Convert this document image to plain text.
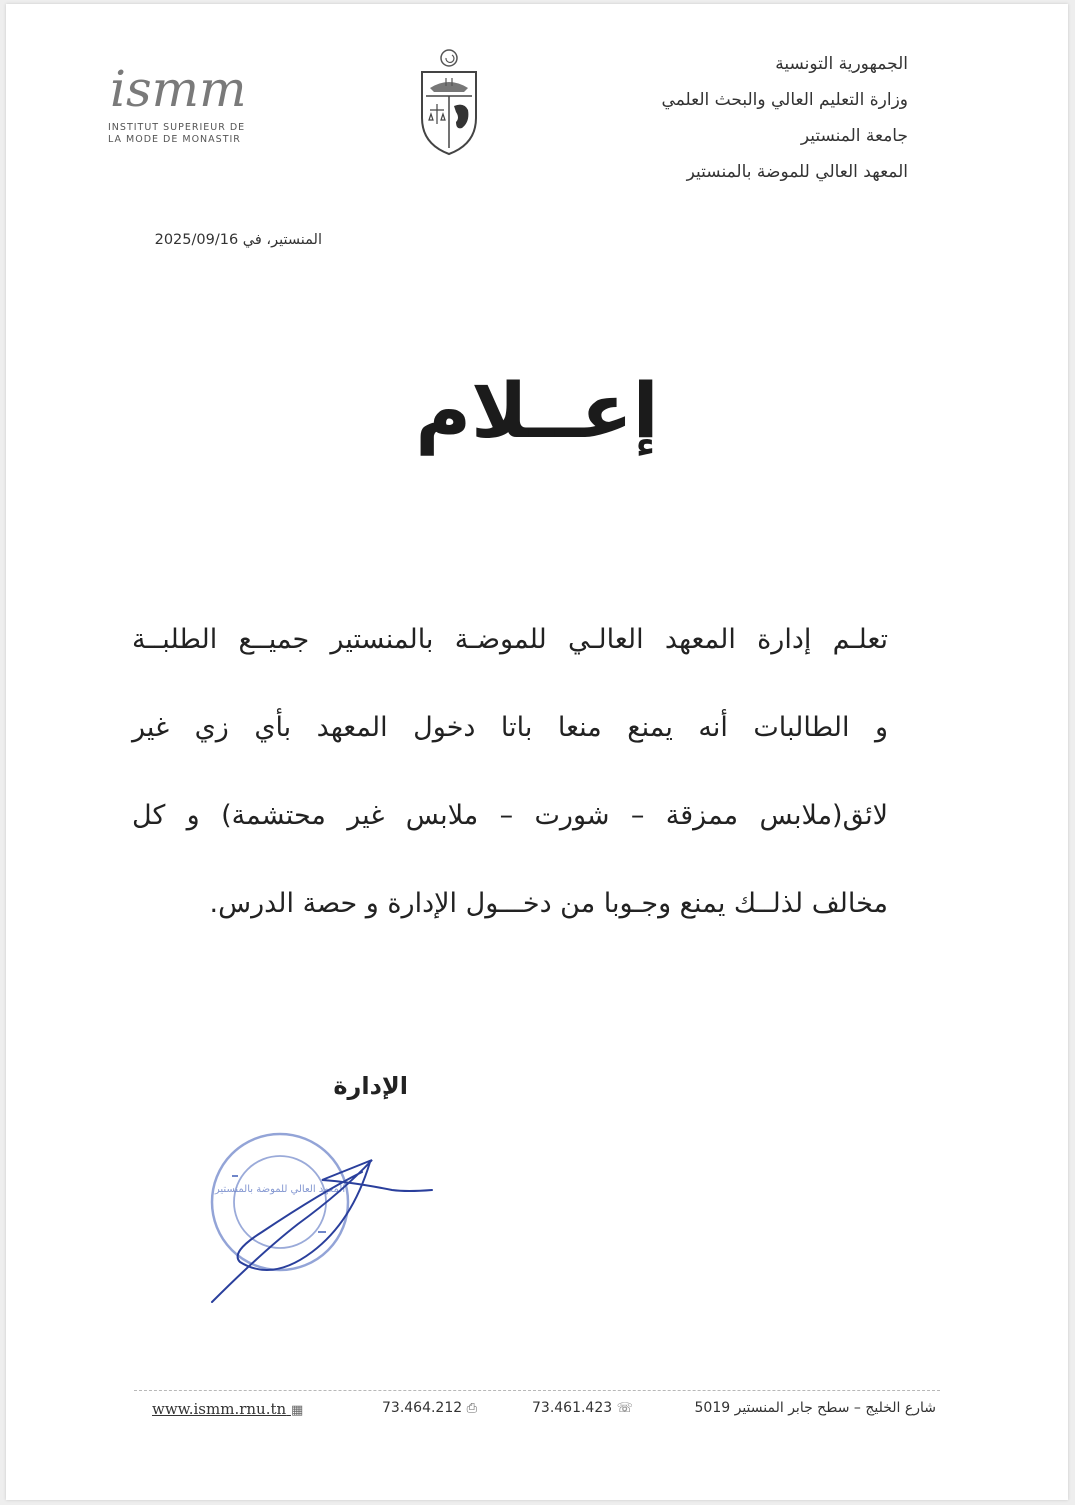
ismm
INSTITUT SUPERIEUR DE
LA MODE DE MONASTIR
الجمهورية التونسية
وزارة التعليم العالي والبحث العلمي
جامعة المنستير
المعهد العالي للموضة بالمنستير
المنستير، في 2025/09/16
إعــلام
تعلـم إدارة المعهد العالـي للموضـة بالمنستير جميــع الطلبــة
و الطالبات أنه يمنع منعا باتا دخول المعهد بأي زي غير
لائق(ملابس ممزقة – شورت – ملابس غير محتشمة) و كل
مخالف لذلــك يمنع وجـوبا من دخـــول الإدارة و حصة الدرس.
الإدارة
المعهد العالي للموضة بالمنستير
www.ismm.rnu.tn ▦	73.464.212 ⎙	73.461.423 ☏	شارع الخليج – سطح جابر المنستير 5019
